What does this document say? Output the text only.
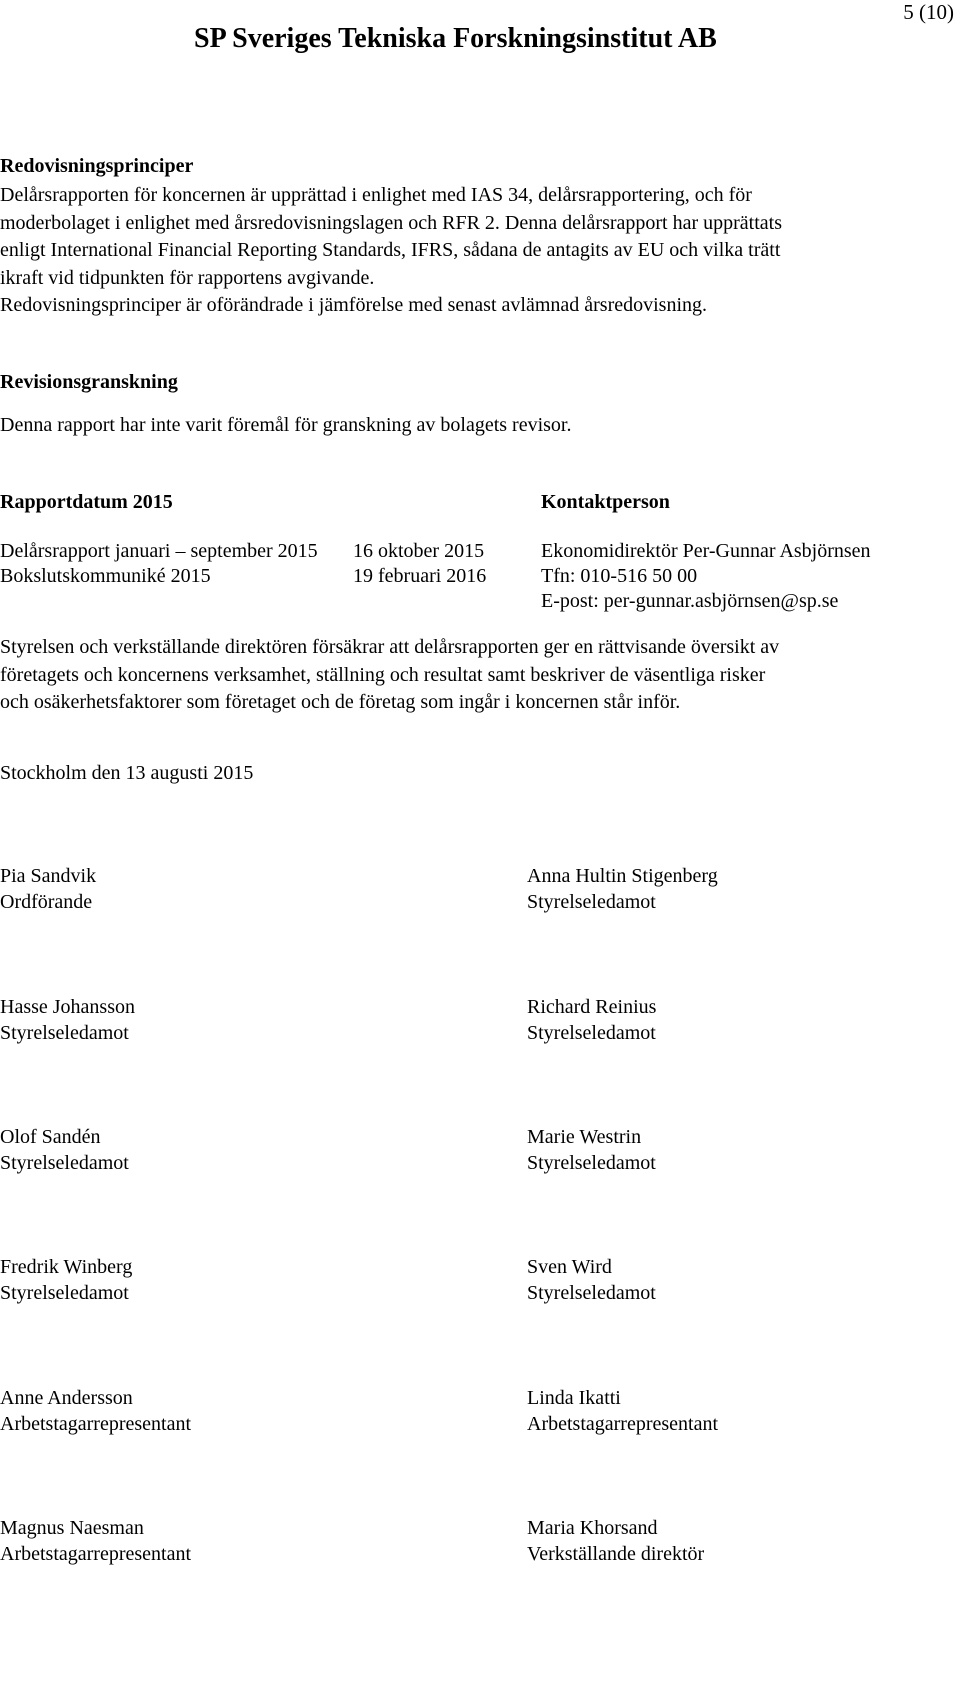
5 (10)
SP Sveriges Tekniska Forskningsinstitut AB
Redovisningsprinciper
Delårsrapporten för koncernen är upprättad i enlighet med IAS 34, delårsrapportering, och för
moderbolaget i enlighet med årsredovisningslagen och RFR 2. Denna delårsrapport har upprättats
enligt International Financial Reporting Standards, IFRS, sådana de antagits av EU och vilka trätt
ikraft vid tidpunkten för rapportens avgivande.
Redovisningsprinciper är oförändrade i jämförelse med senast avlämnad årsredovisning.
Revisionsgranskning
Denna rapport har inte varit föremål för granskning av bolagets revisor.
Rapportdatum 2015	Kontaktperson
Delårsrapport januari – september 2015 16 oktober 2015	Ekonomidirektör Per-Gunnar Asbjörnsen
Bokslutskommuniké 2015	19 februari 2016	Tfn: 010-516 50 00
E-post: per-gunnar.asbjörnsen@sp.se
Styrelsen och verkställande direktören försäkrar att delårsrapporten ger en rättvisande översikt av
företagets och koncernens verksamhet, ställning och resultat samt beskriver de väsentliga risker
och osäkerhetsfaktorer som företaget och de företag som ingår i koncernen står inför.
Stockholm den 13 augusti 2015
Pia Sandvik
Ordförande
Anna Hultin Stigenberg
Styrelseledamot
Hasse Johansson
Styrelseledamot
Richard Reinius
Styrelseledamot
Olof Sandén
Styrelseledamot
Marie Westrin
Styrelseledamot
Fredrik Winberg
Styrelseledamot
Sven Wird
Styrelseledamot
Anne Andersson
Arbetstagarrepresentant
Linda Ikatti
Arbetstagarrepresentant
Magnus Naesman
Arbetstagarrepresentant
Maria Khorsand
Verkställande direktör
